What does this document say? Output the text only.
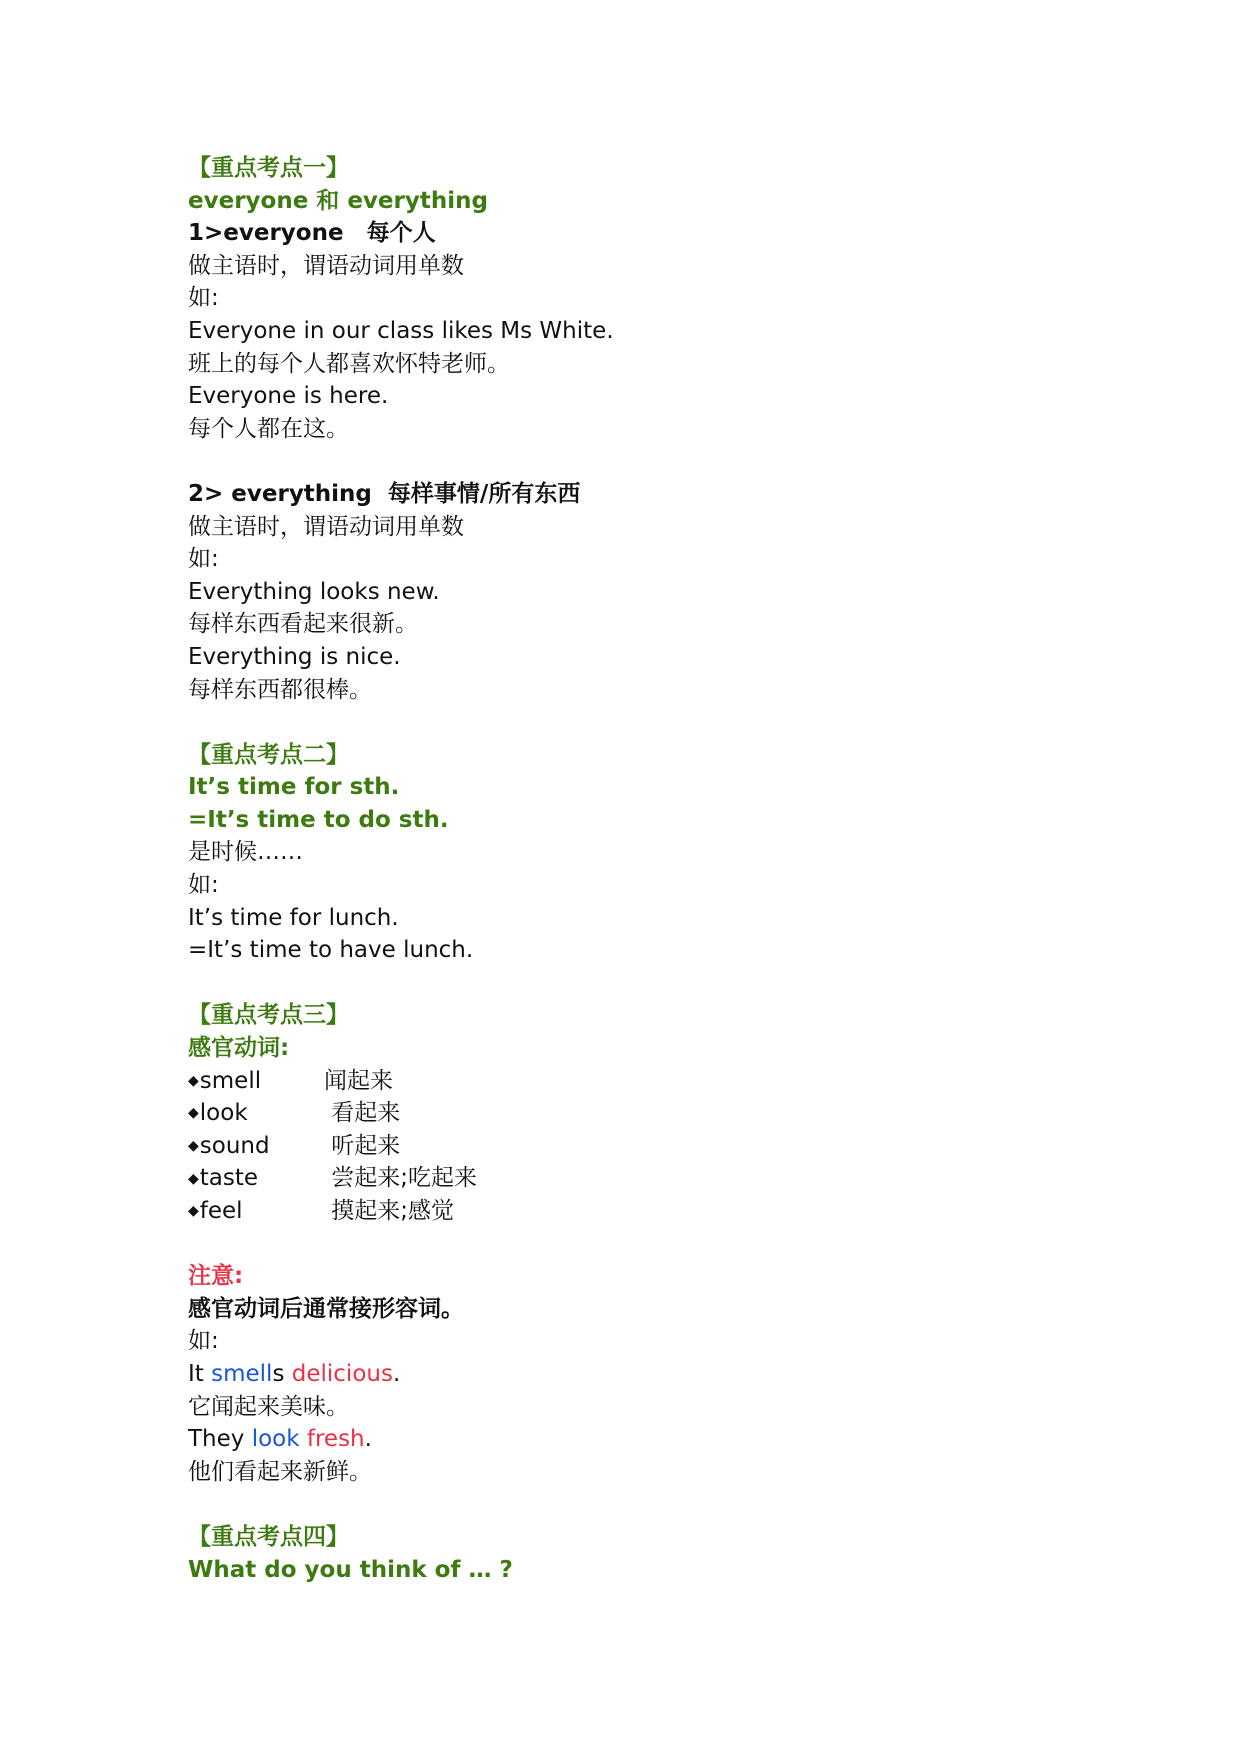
【重点考点一】
everyone 和 everything
1>everyone　每个人
做主语时，谓语动词用单数
如:
Everyone in our class likes Ms White.
班上的每个人都喜欢怀特老师。
Everyone is here.
每个人都在这。
2> everything  每样事情/所有东西
做主语时，谓语动词用单数
如:
Everything looks new.
每样东西看起来很新。
Everything is nice.
每样东西都很棒。
【重点考点二】
It’s time for sth.
=It’s time to do sth.
是时候……
如:
It’s time for lunch.
=It’s time to have lunch.
【重点考点三】
感官动词:
◆smell	闻起来
◆look	看起来
◆sound	听起来
◆taste	尝起来;吃起来
◆feel	摸起来;感觉
注意:
感官动词后通常接形容词。
如:
It smells delicious.
它闻起来美味。
They look fresh.
他们看起来新鲜。
【重点考点四】
What do you think of … ?
